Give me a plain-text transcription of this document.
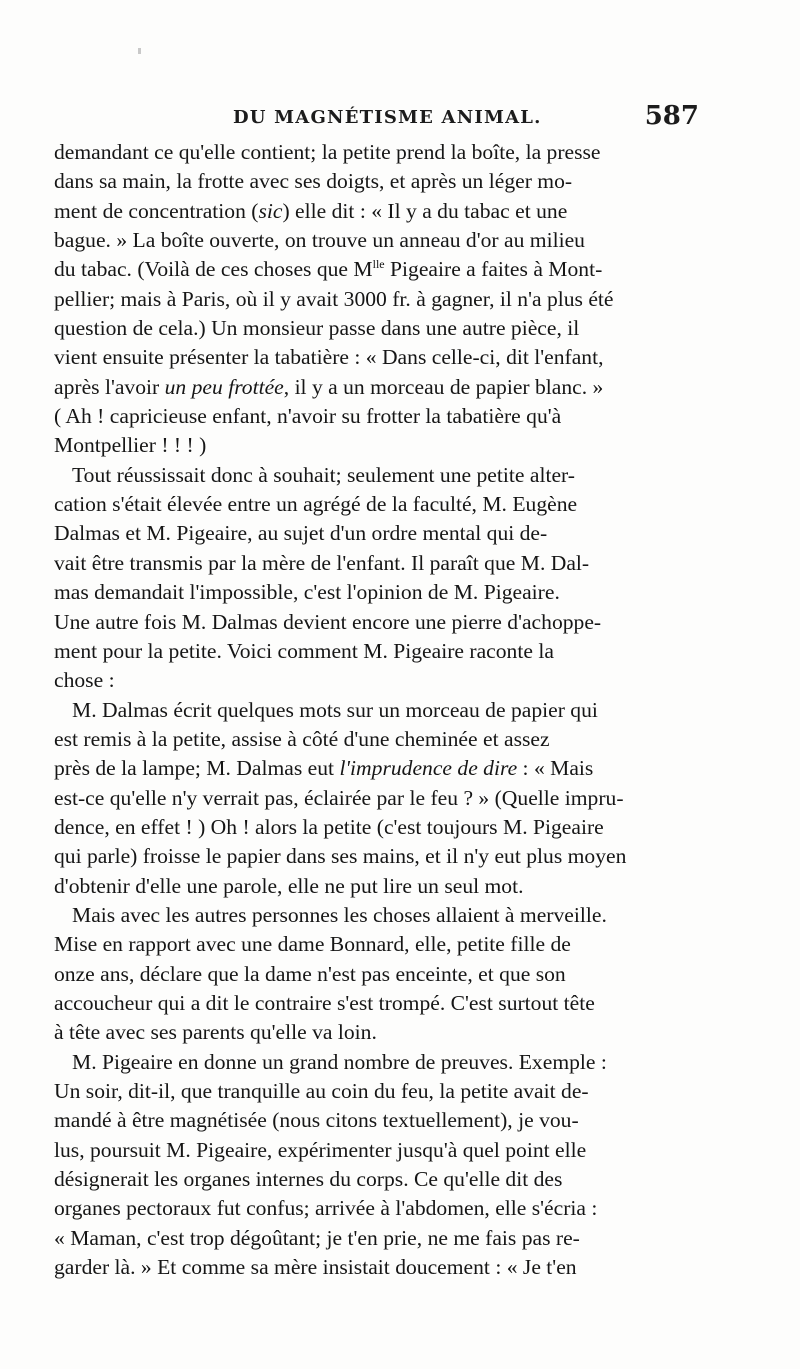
DU MAGNÉTISME ANIMAL.	587
demandant ce qu'elle contient; la petite prend la boîte, la presse
dans sa main, la frotte avec ses doigts, et après un léger mo-
ment de concentration (sic) elle dit : « Il y a du tabac et une
bague. » La boîte ouverte, on trouve un anneau d'or au milieu
du tabac. (Voilà de ces choses que $M^{lle}$ Pigeaire a faites à Mont-
pellier; mais à Paris, où il y avait 3000 fr. à gagner, il n'a plus été
question de cela.) Un monsieur passe dans une autre pièce, il
vient ensuite présenter la tabatière : « Dans celle-ci, dit l'enfant,
après l'avoir un peu frottée, il y a un morceau de papier blanc. »
( Ah ! capricieuse enfant, n'avoir su frotter la tabatière qu'à
Montpellier ! ! ! )
Tout réussissait donc à souhait; seulement une petite alter-
cation s'était élevée entre un agrégé de la faculté, M. Eugène
Dalmas et M. Pigeaire, au sujet d'un ordre mental qui de-
vait être transmis par la mère de l'enfant. Il paraît que M. Dal-
mas demandait l'impossible, c'est l'opinion de M. Pigeaire.
Une autre fois M. Dalmas devient encore une pierre d'achoppe-
ment pour la petite. Voici comment M. Pigeaire raconte la
chose :
M. Dalmas écrit quelques mots sur un morceau de papier qui
est remis à la petite, assise à côté d'une cheminée et assez
près de la lampe; M. Dalmas eut l'imprudence de dire : « Mais
est-ce qu'elle n'y verrait pas, éclairée par le feu ? » (Quelle impru-
dence, en effet ! ) Oh ! alors la petite (c'est toujours M. Pigeaire
qui parle) froisse le papier dans ses mains, et il n'y eut plus moyen
d'obtenir d'elle une parole, elle ne put lire un seul mot.
Mais avec les autres personnes les choses allaient à merveille.
Mise en rapport avec une dame Bonnard, elle, petite fille de
onze ans, déclare que la dame n'est pas enceinte, et que son
accoucheur qui a dit le contraire s'est trompé. C'est surtout tête
à tête avec ses parents qu'elle va loin.
M. Pigeaire en donne un grand nombre de preuves. Exemple :
Un soir, dit-il, que tranquille au coin du feu, la petite avait de-
mandé à être magnétisée (nous citons textuellement), je vou-
lus, poursuit M. Pigeaire, expérimenter jusqu'à quel point elle
désignerait les organes internes du corps. Ce qu'elle dit des
organes pectoraux fut confus; arrivée à l'abdomen, elle s'écria :
« Maman, c'est trop dégoûtant; je t'en prie, ne me fais pas re-
garder là. » Et comme sa mère insistait doucement : « Je t'en
